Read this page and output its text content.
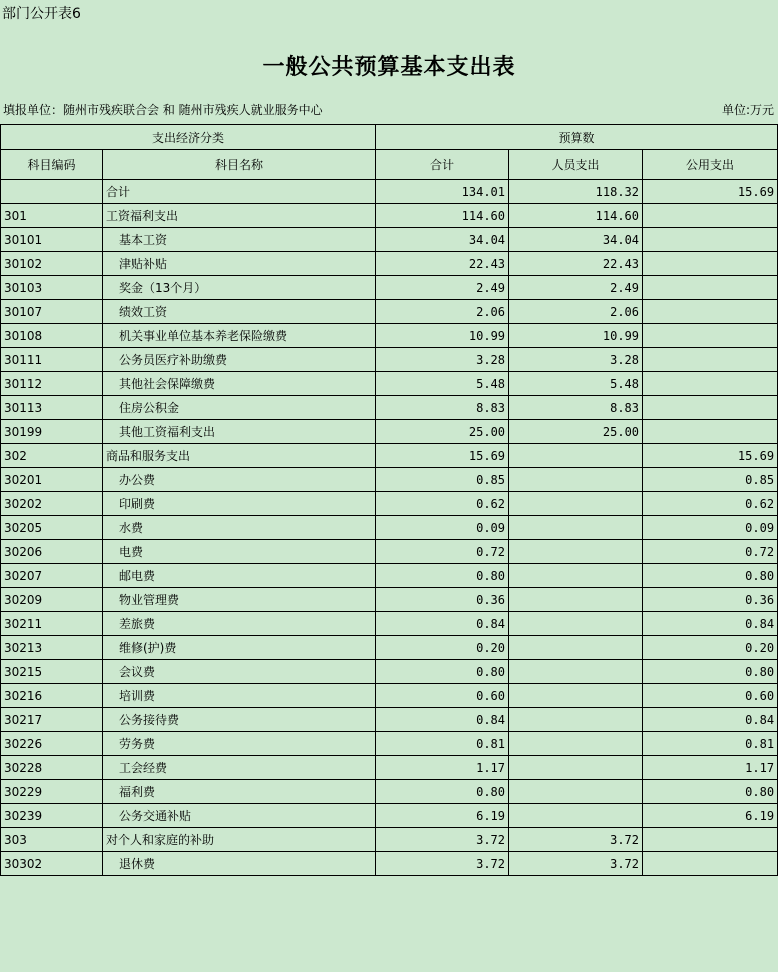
部门公开表6
一般公共预算基本支出表
填报单位：随州市残疾联合会 和 随州市残疾人就业服务中心	单位:万元
支出经济分类		预算数		
科目编码	科目名称	合计	人员支出	公用支出
	合计	134.01	118.32	15.69
301	工资福利支出	114.60	114.60	
30101	基本工资	34.04	34.04	
30102	津贴补贴	22.43	22.43	
30103	奖金（13个月）	2.49	2.49	
30107	绩效工资	2.06	2.06	
30108	机关事业单位基本养老保险缴费	10.99	10.99	
30111	公务员医疗补助缴费	3.28	3.28	
30112	其他社会保障缴费	5.48	5.48	
30113	住房公积金	8.83	8.83	
30199	其他工资福利支出	25.00	25.00	
302	商品和服务支出	15.69		15.69
30201	办公费	0.85		0.85
30202	印刷费	0.62		0.62
30205	水费	0.09		0.09
30206	电费	0.72		0.72
30207	邮电费	0.80		0.80
30209	物业管理费	0.36		0.36
30211	差旅费	0.84		0.84
30213	维修(护)费	0.20		0.20
30215	会议费	0.80		0.80
30216	培训费	0.60		0.60
30217	公务接待费	0.84		0.84
30226	劳务费	0.81		0.81
30228	工会经费	1.17		1.17
30229	福利费	0.80		0.80
30239	公务交通补贴	6.19		6.19
303	对个人和家庭的补助	3.72	3.72	
30302	退休费	3.72	3.72	
